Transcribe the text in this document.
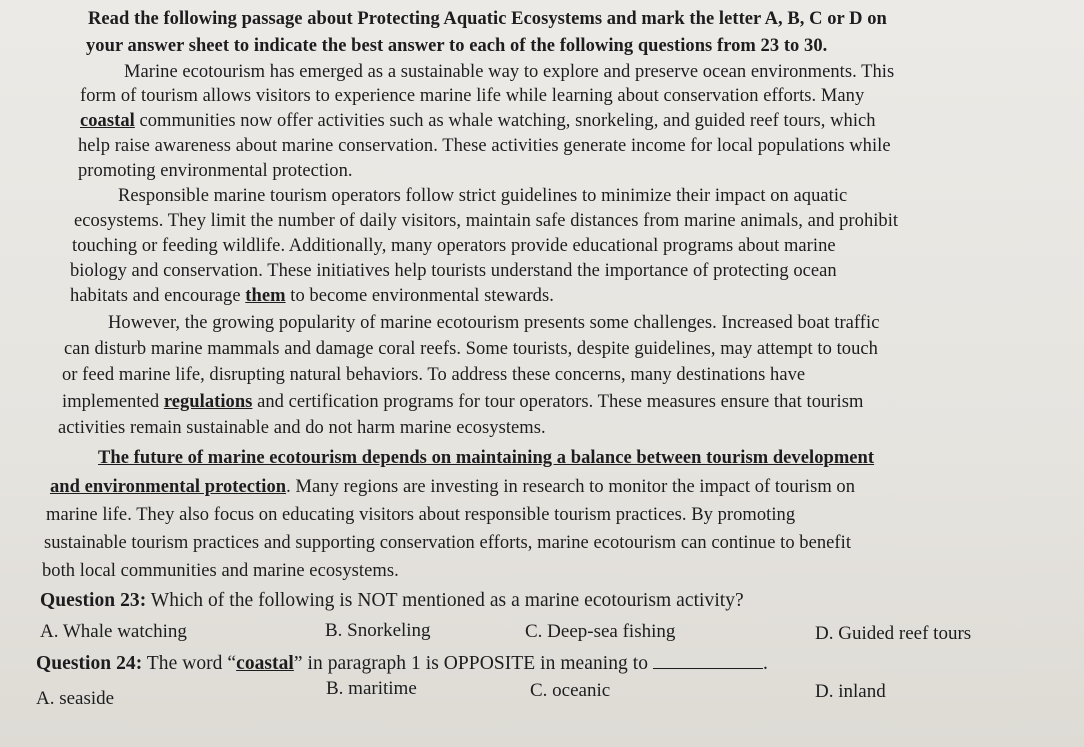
Read the following passage about Protecting Aquatic Ecosystems and mark the letter A, B, C or D on
your answer sheet to indicate the best answer to each of the following questions from 23 to 30.
Marine ecotourism has emerged as a sustainable way to explore and preserve ocean environments. This
form of tourism allows visitors to experience marine life while learning about conservation efforts. Many
coastal communities now offer activities such as whale watching, snorkeling, and guided reef tours, which
help raise awareness about marine conservation. These activities generate income for local populations while
promoting environmental protection.
Responsible marine tourism operators follow strict guidelines to minimize their impact on aquatic
ecosystems. They limit the number of daily visitors, maintain safe distances from marine animals, and prohibit
touching or feeding wildlife. Additionally, many operators provide educational programs about marine
biology and conservation. These initiatives help tourists understand the importance of protecting ocean
habitats and encourage them to become environmental stewards.
However, the growing popularity of marine ecotourism presents some challenges. Increased boat traffic
can disturb marine mammals and damage coral reefs. Some tourists, despite guidelines, may attempt to touch
or feed marine life, disrupting natural behaviors. To address these concerns, many destinations have
implemented regulations and certification programs for tour operators. These measures ensure that tourism
activities remain sustainable and do not harm marine ecosystems.
The future of marine ecotourism depends on maintaining a balance between tourism development
and environmental protection. Many regions are investing in research to monitor the impact of tourism on
marine life. They also focus on educating visitors about responsible tourism practices. By promoting
sustainable tourism practices and supporting conservation efforts, marine ecotourism can continue to benefit
both local communities and marine ecosystems.
Question 23: Which of the following is NOT mentioned as a marine ecotourism activity?
A. Whale watching	B. Snorkeling	C. Deep-sea fishing	D. Guided reef tours
Question 24: The word “coastal” in paragraph 1 is OPPOSITE in meaning to	.
A. seaside	B. maritime	C. oceanic	D. inland
